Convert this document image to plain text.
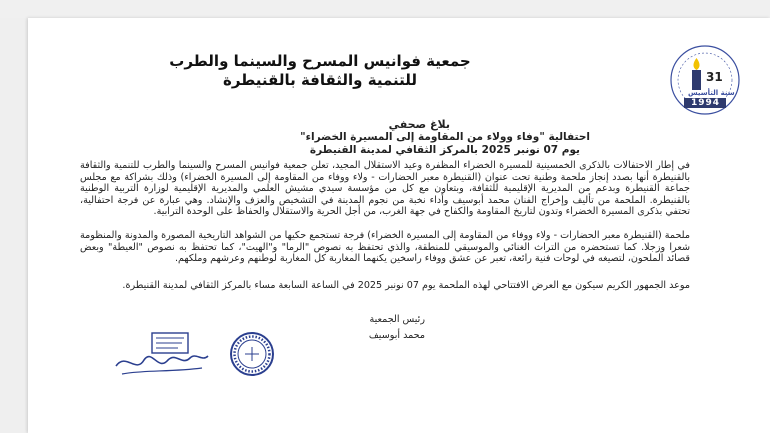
جمعية فوانيس المسرح والسينما والطرب
للتنمية والثقافة بالقنيطرة	31
سنة التأسيس
1994
بلاغ صحفي
احتفالية "وفاء وولاء من المقاومة إلى المسيرة الخضراء"
يوم 07 نونبر 2025 بالمركز الثقافي لمدينة القنيطرة
في إطار الاحتفالات بالذكرى الخمسينية للمسيرة الخضراء المظفرة وعيد الاستقلال المجيد، تعلن جمعية فوانيس المسرح والسينما والطرب للتنمية والثقافة بالقنيطرة أنها بصدد إنجاز ملحمة وطنية تحت عنوان (القنيطرة معبر الحضارات - ولاء ووفاء من المقاومة إلى المسيرة الخضراء) وذلك بشراكة مع مجلس جماعة القنيطرة وبدعم من المديرية الإقليمية للثقافة، وبتعاون مع كل من مؤسسة سيدي مشيش العلمي والمديرية الإقليمية لوزارة التربية الوطنية بالقنيطرة. الملحمة من تأليف وإخراج الفنان محمد أبوسيف وأداء نخبة من نجوم المدينة في التشخيص والعزف والإنشاد. وهي عبارة عن فرجة احتفالية، تحتفي بذكرى المسيرة الخضراء وتدون لتاريخ المقاومة والكفاح في جهة الغرب، من أجل الحرية والاستقلال والحفاظ على الوحدة الترابية.
ملحمة (القنيطرة معبر الحضارات - ولاء ووفاء من المقاومة إلى المسيرة الخضراء) فرجة تستجمع حكيها من الشواهد التاريخية المصورة والمدونة والمنظومة شعرا وزجلا. كما تستحضره من التراث الغنائي والموسيقي للمنطقة، والذي تحتفظ به نصوص "الرما" و"الهيت"، كما تحتفظ به نصوص "العيطة" وبعض قصائد الملحون، لتصيغه في لوحات فنية رائعة، تعبر عن عشق ووفاء راسخين يكنهما المغاربة كل المغاربة لوطنهم وعرشهم وملكهم.
موعد الجمهور الكريم سيكون مع العرض الافتتاحي لهذه الملحمة يوم 07 نونبر 2025 في الساعة السابعة مساء بالمركز الثقافي لمدينة القنيطرة.
رئيس الجمعية
محمد أبوسيف
